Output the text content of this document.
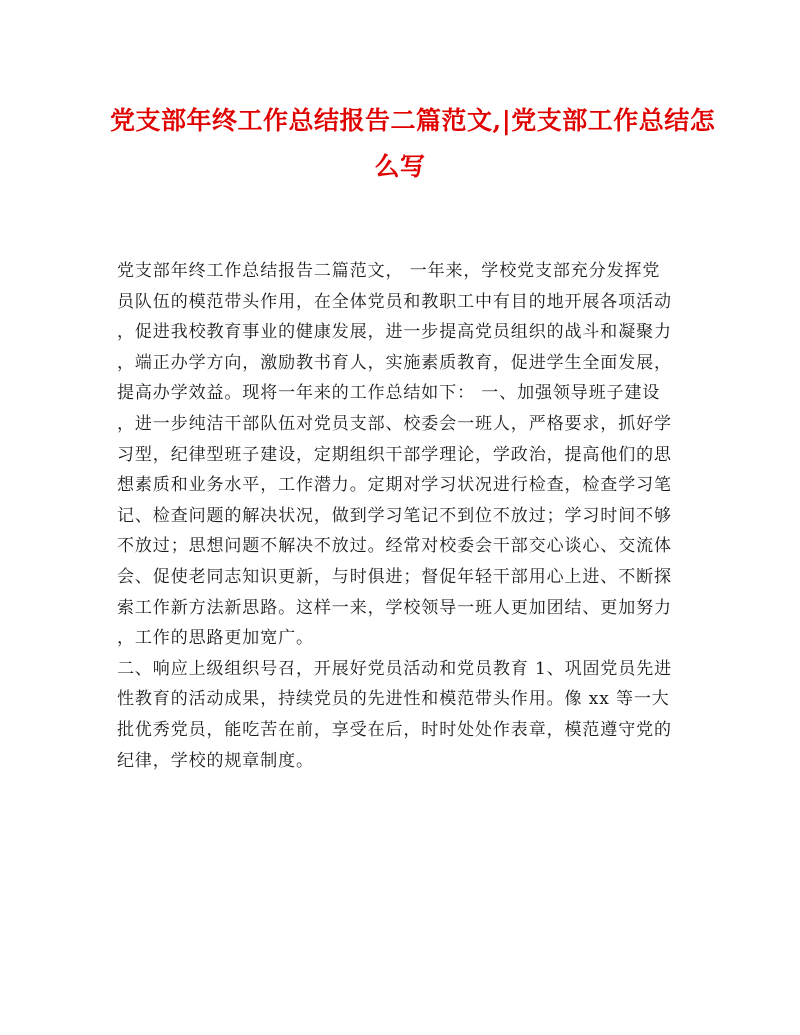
党支部年终工作总结报告二篇范文,|党支部工作总结怎
么写
党支部年终工作总结报告二篇范文， 一年来，学校党支部充分发挥党
员队伍的模范带头作用，在全体党员和教职工中有目的地开展各项活动
，促进我校教育事业的健康发展，进一步提高党员组织的战斗和凝聚力
，端正办学方向，激励教书育人，实施素质教育，促进学生全面发展，
提高办学效益。现将一年来的工作总结如下： 一、加强领导班子建设
，进一步纯洁干部队伍对党员支部、校委会一班人，严格要求，抓好学
习型，纪律型班子建设，定期组织干部学理论，学政治，提高他们的思
想素质和业务水平，工作潜力。定期对学习状况进行检查，检查学习笔
记、检查问题的解决状况，做到学习笔记不到位不放过；学习时间不够
不放过；思想问题不解决不放过。经常对校委会干部交心谈心、交流体
会、促使老同志知识更新，与时俱进；督促年轻干部用心上进、不断探
索工作新方法新思路。这样一来，学校领导一班人更加团结、更加努力
，工作的思路更加宽广。
二、响应上级组织号召，开展好党员活动和党员教育 1、巩固党员先进
性教育的活动成果，持续党员的先进性和模范带头作用。像 xx 等一大
批优秀党员，能吃苦在前，享受在后，时时处处作表章，模范遵守党的
纪律，学校的规章制度。
